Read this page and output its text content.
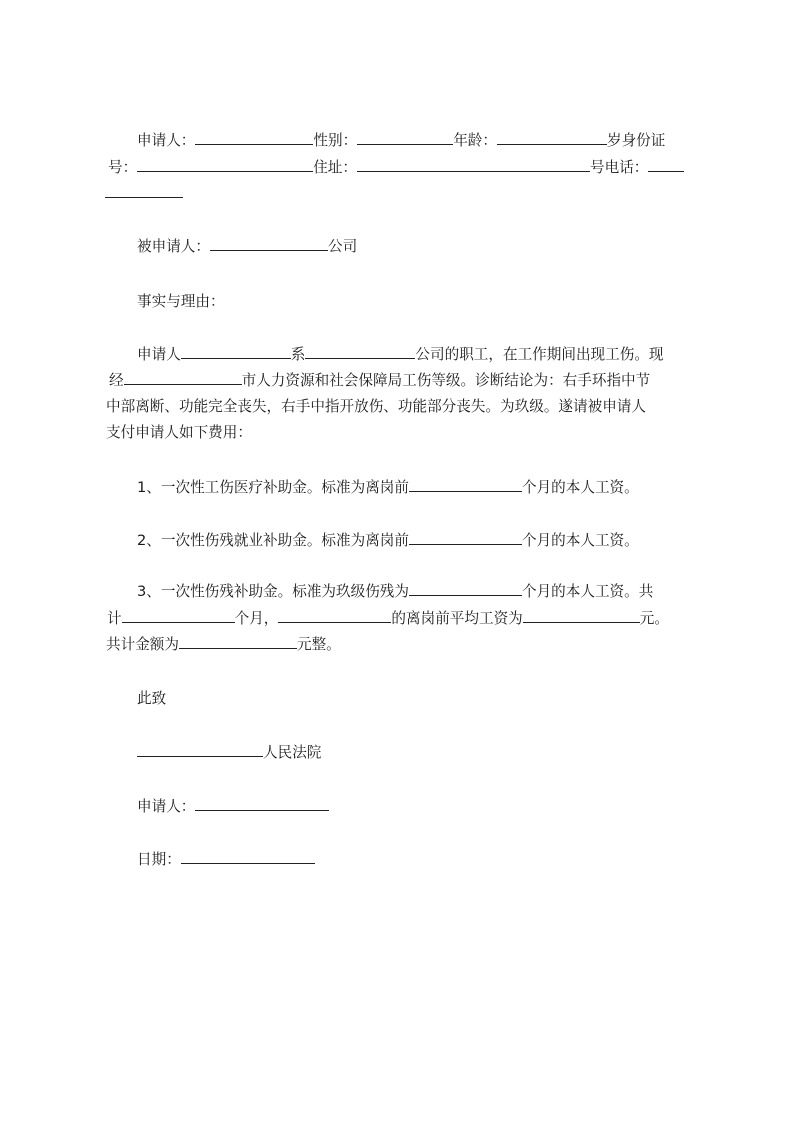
申请人：	性别：	年龄：	岁身份证
号：	住址：	号电话：
被申请人：	公司
事实与理由：
申请人	系	公司的职工，在工作期间出现工伤。现
经	市人力资源和社会保障局工伤等级。诊断结论为：右手环指中节
中部离断、功能完全丧失，右手中指开放伤、功能部分丧失。为玖级。遂请被申请人
支付申请人如下费用：
1、一次性工伤医疗补助金。标准为离岗前	个月的本人工资。
2、一次性伤残就业补助金。标准为离岗前	个月的本人工资。
3、一次性伤残补助金。标准为玖级伤残为	个月的本人工资。共
计	个月，	的离岗前平均工资为	元。
共计金额为	元整。
此致
人民法院
申请人：
日期：
